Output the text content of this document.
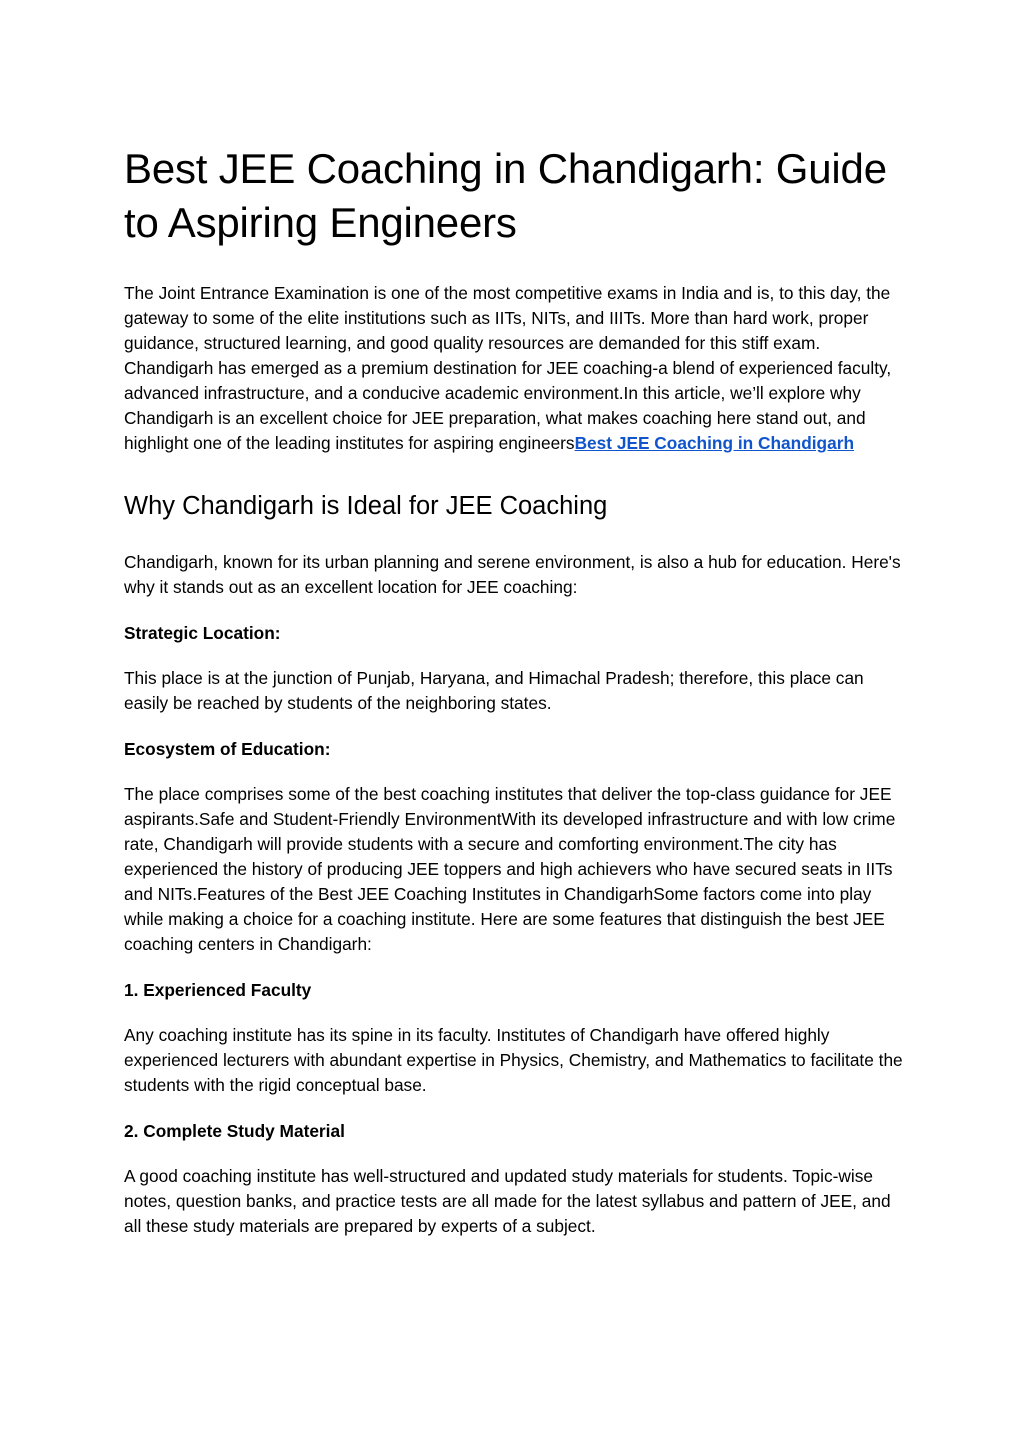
Best JEE Coaching in Chandigarh: Guide to Aspiring Engineers

The Joint Entrance Examination is one of the most competitive exams in India and is, to this day, the gateway to some of the elite institutions such as IITs, NITs, and IIITs. More than hard work, proper guidance, structured learning, and good quality resources are demanded for this stiff exam. Chandigarh has emerged as a premium destination for JEE coaching-a blend of experienced faculty, advanced infrastructure, and a conducive academic environment.In this article, we’ll explore why Chandigarh is an excellent choice for JEE preparation, what makes coaching here stand out, and highlight one of the leading institutes for aspiring engineersBest JEE Coaching in Chandigarh

Why Chandigarh is Ideal for JEE Coaching

Chandigarh, known for its urban planning and serene environment, is also a hub for education. Here's why it stands out as an excellent location for JEE coaching:

Strategic Location:

This place is at the junction of Punjab, Haryana, and Himachal Pradesh; therefore, this place can easily be reached by students of the neighboring states.

Ecosystem of Education:

The place comprises some of the best coaching institutes that deliver the top-class guidance for JEE aspirants.Safe and Student-Friendly EnvironmentWith its developed infrastructure and with low crime rate, Chandigarh will provide students with a secure and comforting environment.The city has experienced the history of producing JEE toppers and high achievers who have secured seats in IITs and NITs.Features of the Best JEE Coaching Institutes in ChandigarhSome factors come into play while making a choice for a coaching institute. Here are some features that distinguish the best JEE coaching centers in Chandigarh:

1. Experienced Faculty

Any coaching institute has its spine in its faculty. Institutes of Chandigarh have offered highly experienced lecturers with abundant expertise in Physics, Chemistry, and Mathematics to facilitate the students with the rigid conceptual base.

2. Complete Study Material

A good coaching institute has well-structured and updated study materials for students. Topic-wise notes, question banks, and practice tests are all made for the latest syllabus and pattern of JEE, and all these study materials are prepared by experts of a subject.
